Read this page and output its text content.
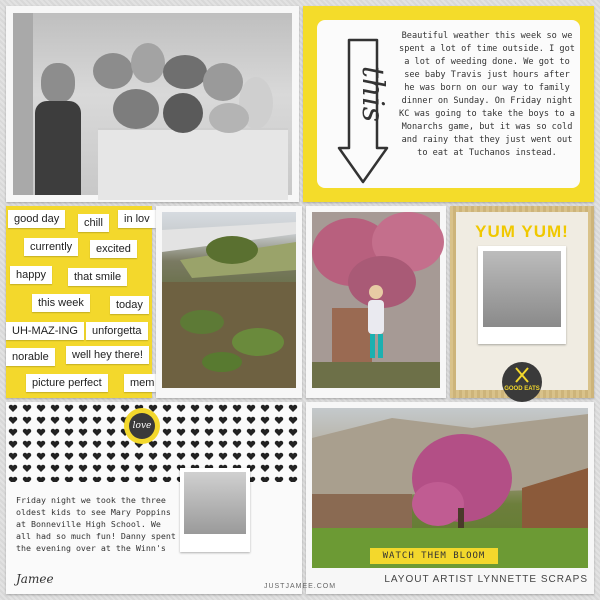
this

Beautiful weather this week so we spent a lot of time outside. I got a lot of weeding done. We got to see baby Travis just hours after he was born on our way to family dinner on Sunday. On Friday night KC was going to take the boys to a Monarchs game, but it was so cold and rainy that they just went out to eat at Tuchanos instead.

good day	chill	in lov
currently	excited
happy	that smile
this week	today
UH-MAZ-ING	unforgetta
norable	well hey there!
picture perfect	mem
YUM YUM!
GOOD EATS
love

Friday night we took the three oldest kids to see Mary Poppins at Bonneville High School. We all had so much fun! Danny spent the evening over at the Winn's

Jamee
WATCH THEM BLOOM
LAYOUT ARTIST LYNNETTE SCRAPS
JUSTJAMEE.COM
